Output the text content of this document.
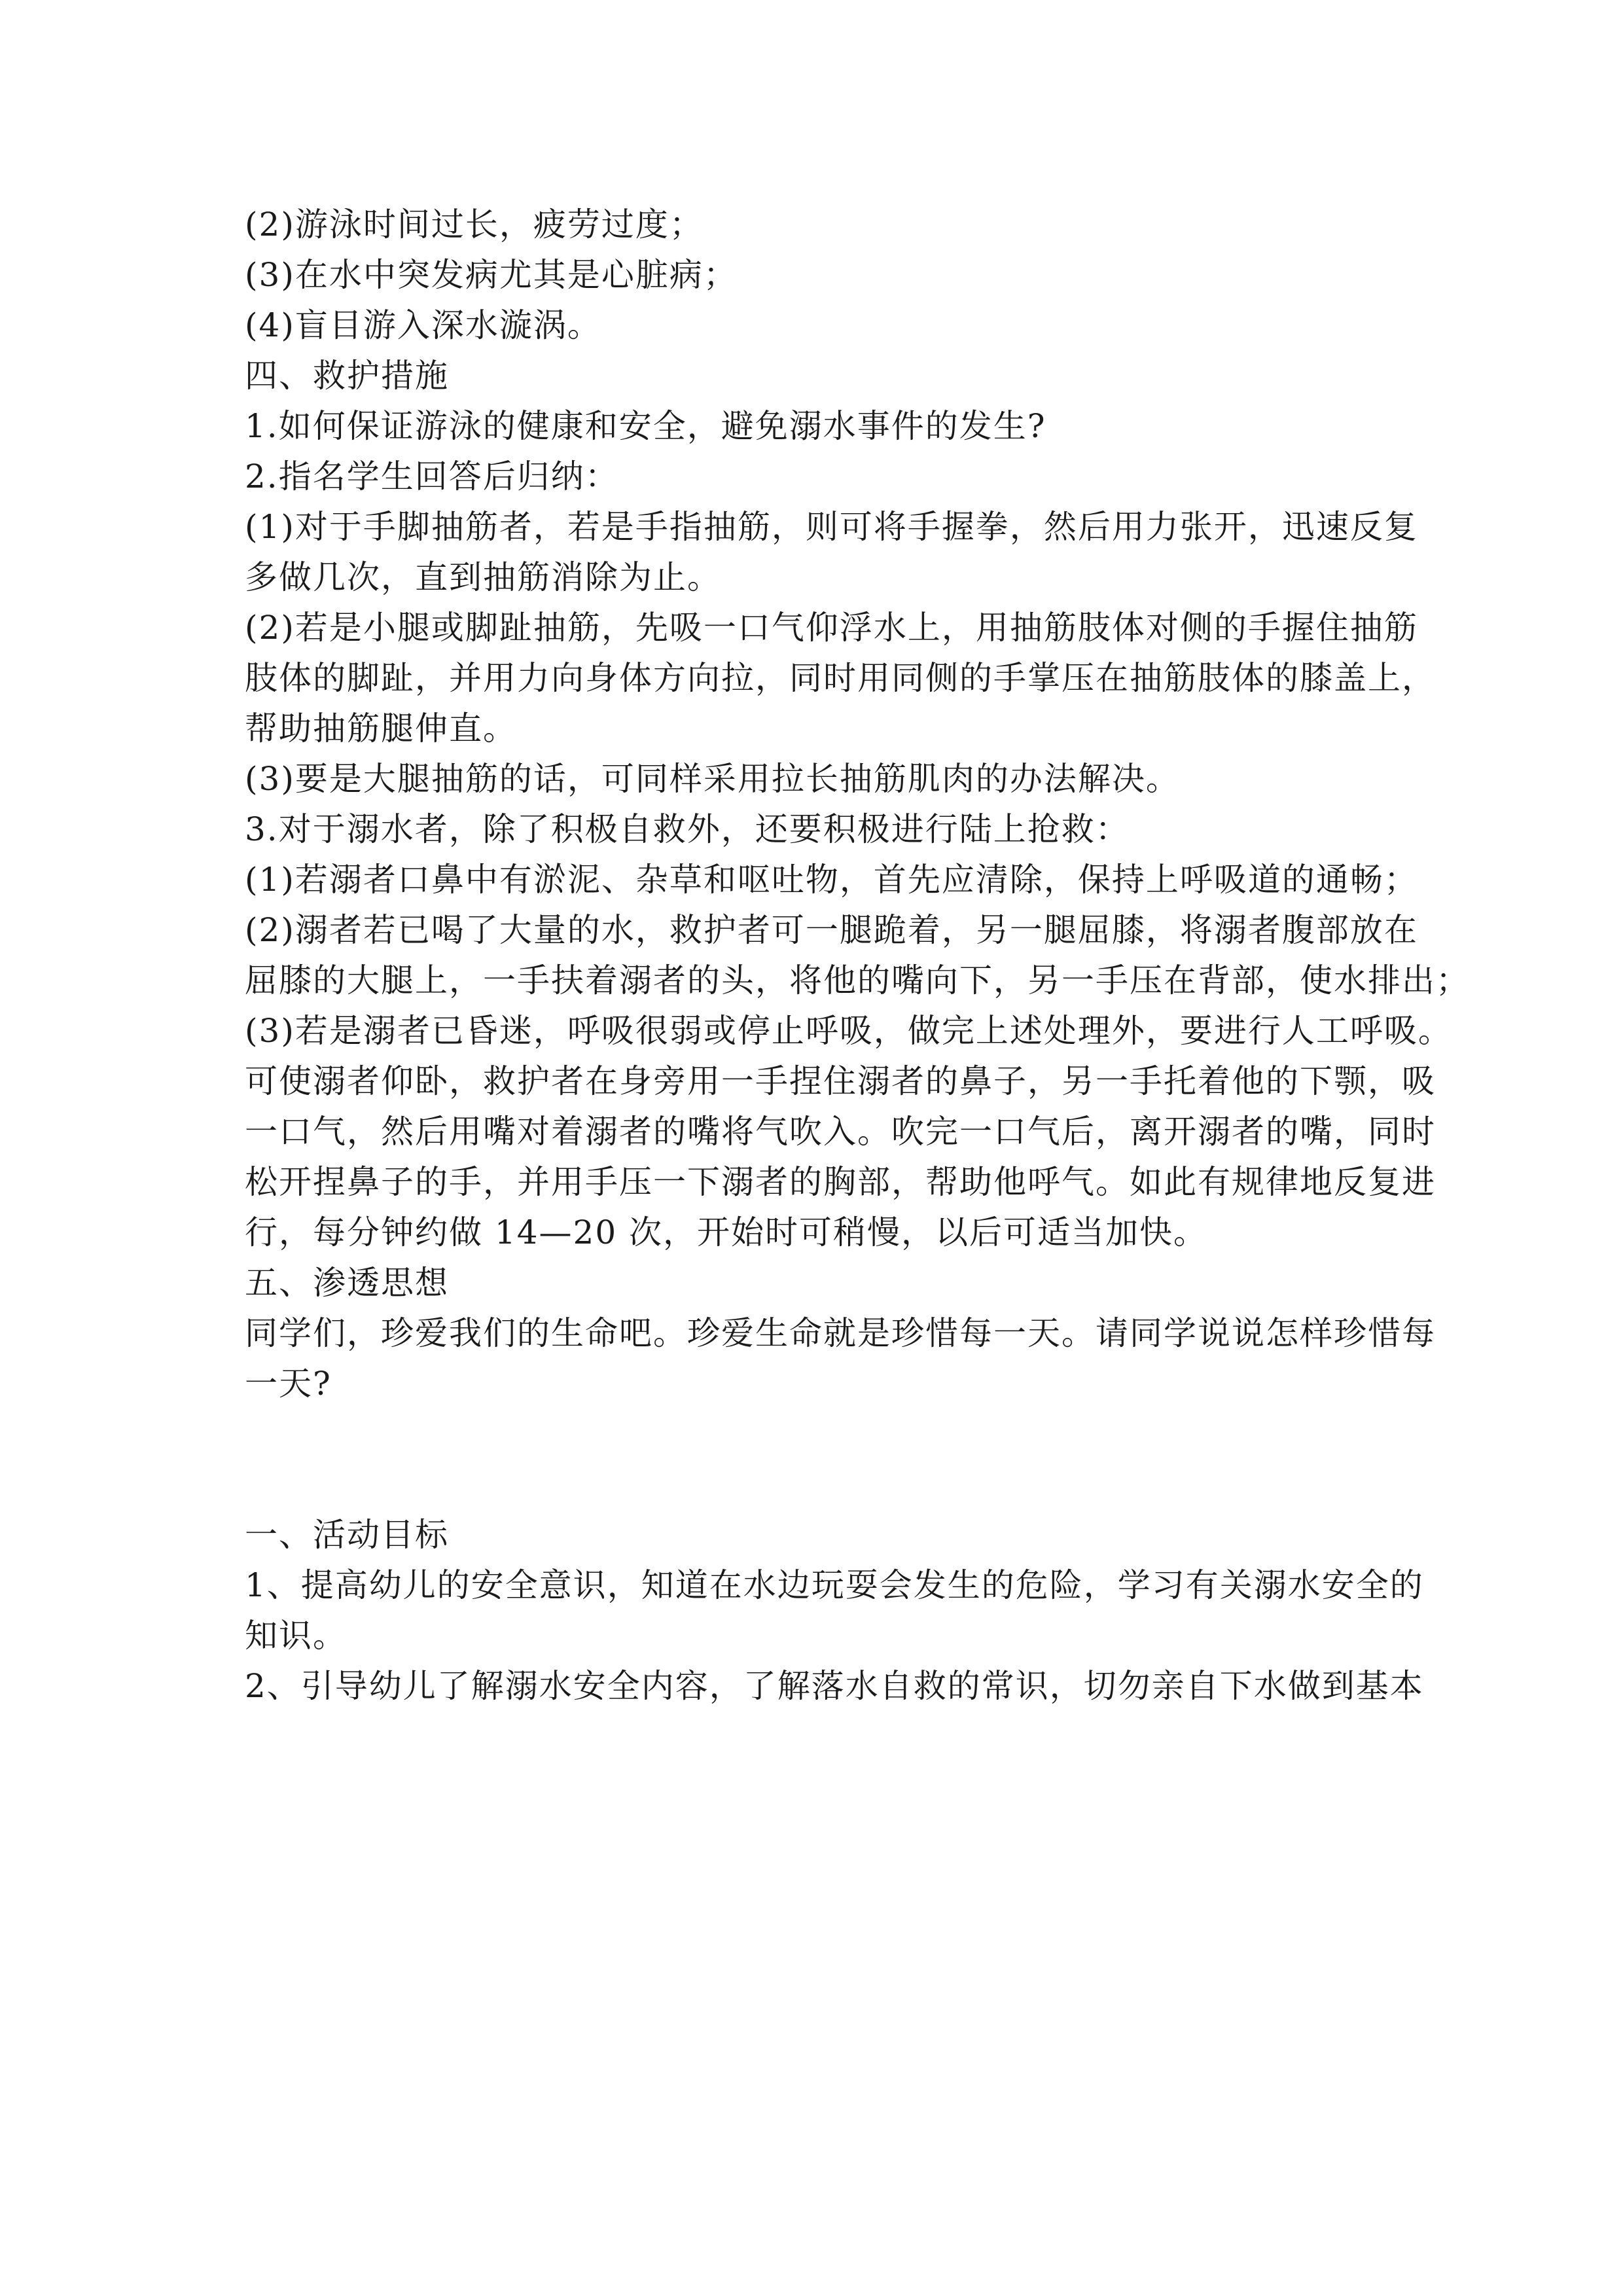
(2)游泳时间过长，疲劳过度；
(3)在水中突发病尤其是心脏病；
(4)盲目游入深水漩涡。
四、救护措施
1.如何保证游泳的健康和安全，避免溺水事件的发生?
2.指名学生回答后归纳：
(1)对于手脚抽筋者，若是手指抽筋，则可将手握拳，然后用力张开，迅速反复
多做几次，直到抽筋消除为止。
(2)若是小腿或脚趾抽筋，先吸一口气仰浮水上，用抽筋肢体对侧的手握住抽筋
肢体的脚趾，并用力向身体方向拉，同时用同侧的手掌压在抽筋肢体的膝盖上，
帮助抽筋腿伸直。
(3)要是大腿抽筋的话，可同样采用拉长抽筋肌肉的办法解决。
3.对于溺水者，除了积极自救外，还要积极进行陆上抢救：
(1)若溺者口鼻中有淤泥、杂草和呕吐物，首先应清除，保持上呼吸道的通畅；
(2)溺者若已喝了大量的水，救护者可一腿跪着，另一腿屈膝，将溺者腹部放在
屈膝的大腿上，一手扶着溺者的头，将他的嘴向下，另一手压在背部，使水排出；
(3)若是溺者已昏迷，呼吸很弱或停止呼吸，做完上述处理外，要进行人工呼吸。
可使溺者仰卧，救护者在身旁用一手捏住溺者的鼻子，另一手托着他的下颚，吸
一口气，然后用嘴对着溺者的嘴将气吹入。吹完一口气后，离开溺者的嘴，同时
松开捏鼻子的手，并用手压一下溺者的胸部，帮助他呼气。如此有规律地反复进
行，每分钟约做 14—20 次，开始时可稍慢，以后可适当加快。
五、渗透思想
同学们，珍爱我们的生命吧。珍爱生命就是珍惜每一天。请同学说说怎样珍惜每
一天?
一、活动目标
1、提高幼儿的安全意识，知道在水边玩耍会发生的危险，学习有关溺水安全的
知识。
2、引导幼儿了解溺水安全内容，了解落水自救的常识，切勿亲自下水做到基本
